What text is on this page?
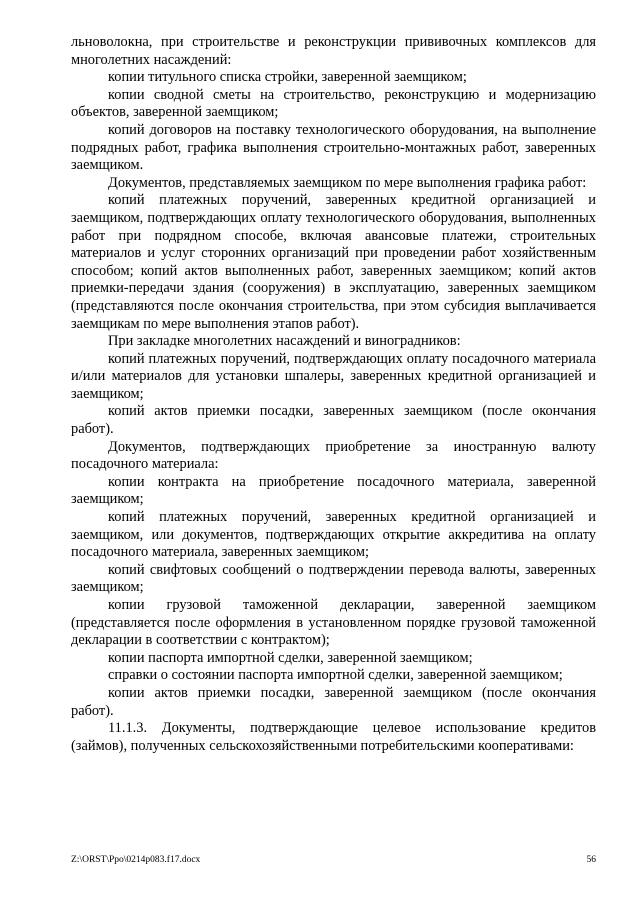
льноволокна, при строительстве и реконструкции прививочных комплексов для многолетних насаждений:

копии титульного списка стройки, заверенной заемщиком;

копии сводной сметы на строительство, реконструкцию и модернизацию объектов, заверенной заемщиком;

копий договоров на поставку технологического оборудования, на выполнение подрядных работ, графика выполнения строительно-монтажных работ, заверенных заемщиком.

Документов, представляемых заемщиком по мере выполнения графика работ:

копий платежных поручений, заверенных кредитной организацией и заемщиком, подтверждающих оплату технологического оборудования, выполненных работ при подрядном способе, включая авансовые платежи, строительных материалов и услуг сторонних организаций при проведении работ хозяйственным способом; копий актов выполненных работ, заверенных заемщиком; копий актов приемки-передачи здания (сооружения) в эксплуатацию, заверенных заемщиком (представляются после окончания строительства, при этом субсидия выплачивается заемщикам по мере выполнения этапов работ).

При закладке многолетних насаждений и виноградников:

копий платежных поручений, подтверждающих оплату посадочного материала и/или материалов для установки шпалеры, заверенных кредитной организацией и заемщиком;

копий актов приемки посадки, заверенных заемщиком (после окончания работ).

Документов, подтверждающих приобретение за иностранную валюту посадочного материала:

копии контракта на приобретение посадочного материала, заверенной заемщиком;

копий платежных поручений, заверенных кредитной организацией и заемщиком, или документов, подтверждающих открытие аккредитива на оплату посадочного материала, заверенных заемщиком;

копий свифтовых сообщений о подтверждении перевода валюты, заверенных заемщиком;

копии грузовой таможенной декларации, заверенной заемщиком (представляется после оформления в установленном порядке грузовой таможенной декларации в соответствии с контрактом);

копии паспорта импортной сделки, заверенной заемщиком;

справки о состоянии паспорта импортной сделки, заверенной заемщиком;

копии актов приемки посадки, заверенной заемщиком (после окончания работ).

11.1.3. Документы, подтверждающие целевое использование кредитов (займов), полученных сельскохозяйственными потребительскими кооперативами:

Z:\ORST\Ppo\0214p083.f17.docx	56
